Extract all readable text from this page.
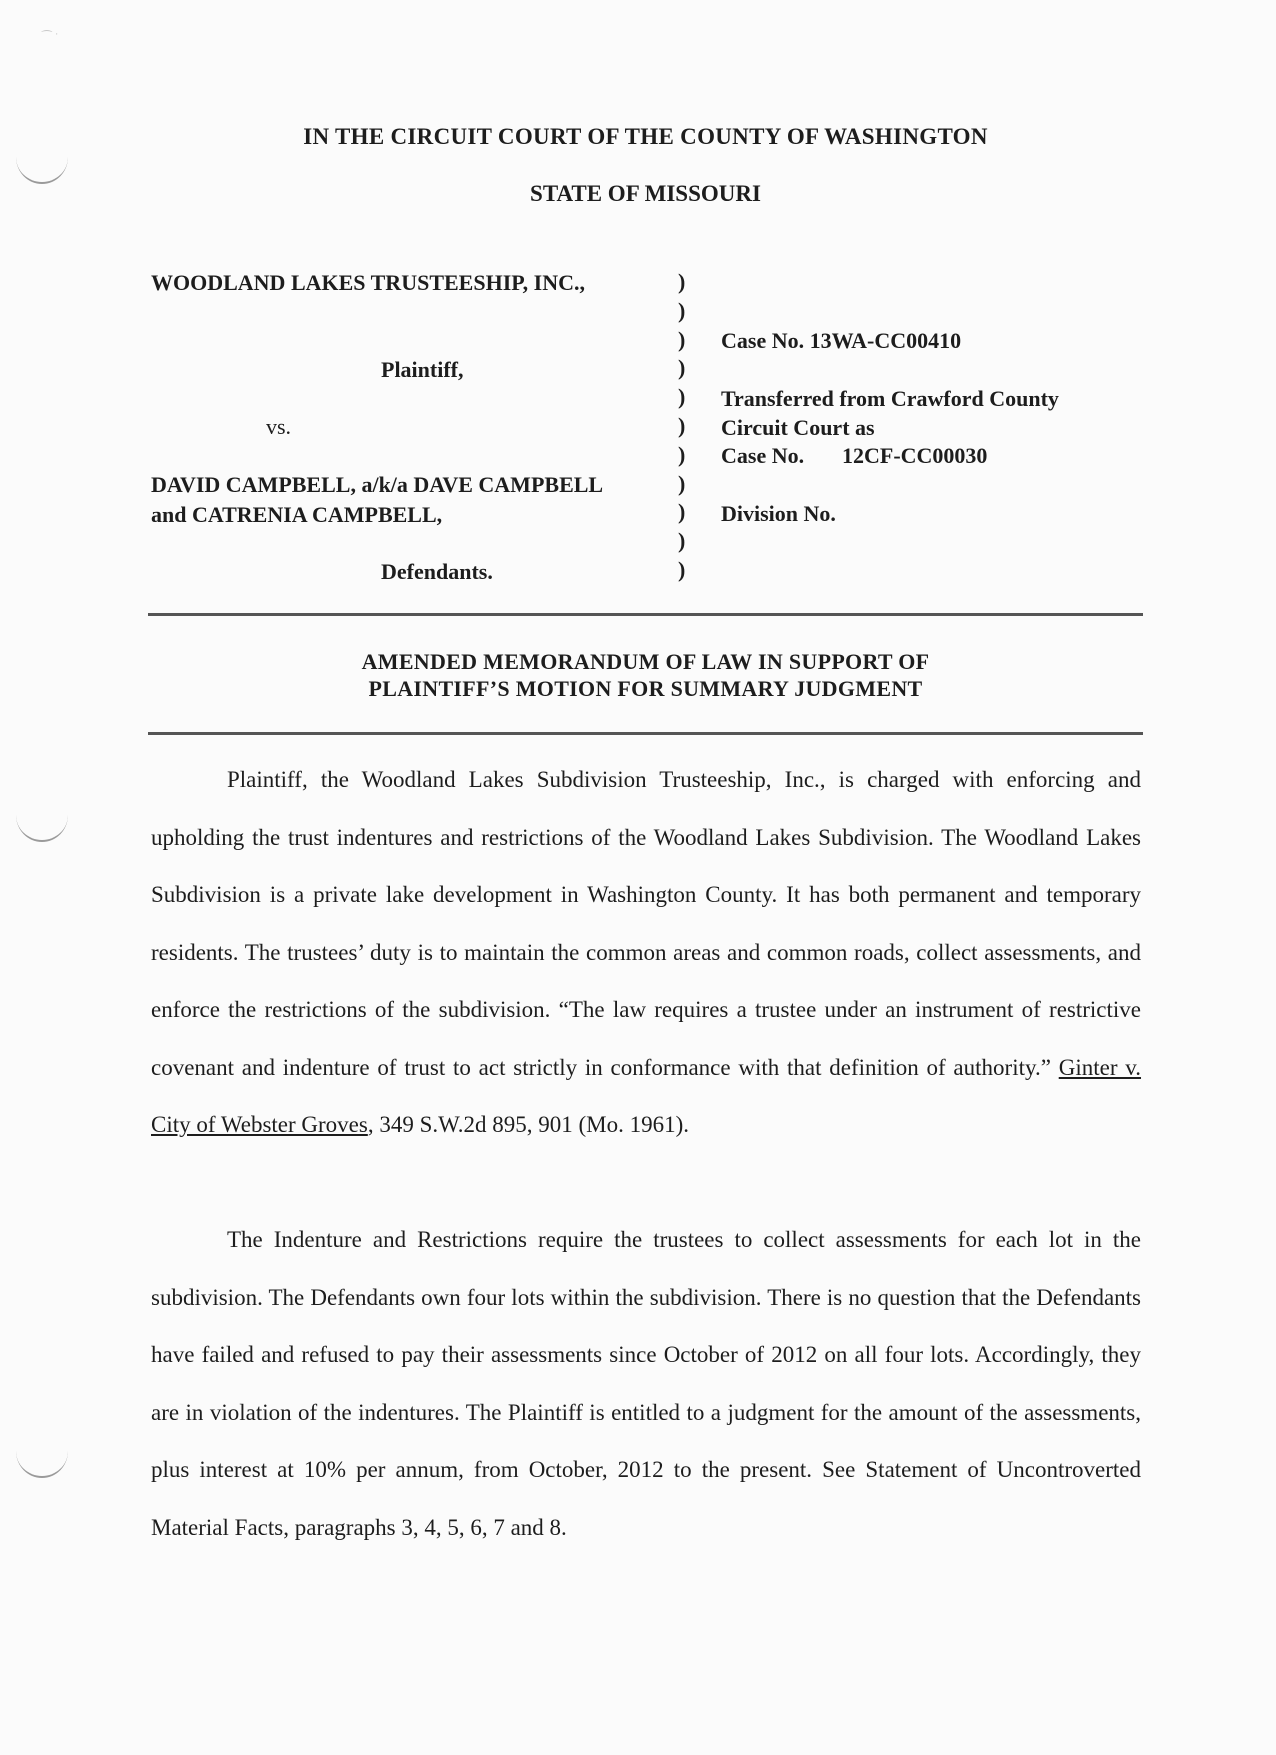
⁀ ˙
IN THE CIRCUIT COURT OF THE COUNTY OF WASHINGTON
STATE OF MISSOURI
WOODLAND LAKES TRUSTEESHIP, INC.,
Plaintiff,
vs.
DAVID CAMPBELL, a/k/a DAVE CAMPBELL
and CATRENIA CAMPBELL,
Defendants.
)
)
)
)
)
)
)
)
)
)
)
Case No. 13WA-CC00410
Transferred from Crawford County
Circuit Court as
Case No. 12CF-CC00030
Division No.
AMENDED MEMORANDUM OF LAW IN SUPPORT OF
PLAINTIFF’S MOTION FOR SUMMARY JUDGMENT
Plaintiff, the Woodland Lakes Subdivision Trusteeship, Inc., is charged with enforcing and upholding the trust indentures and restrictions of the Woodland Lakes Subdivision. The Woodland Lakes Subdivision is a private lake development in Washington County. It has both permanent and temporary residents. The trustees’ duty is to maintain the common areas and common roads, collect assessments, and enforce the restrictions of the subdivision. “The law requires a trustee under an instrument of restrictive covenant and indenture of trust to act strictly in conformance with that definition of authority.” Ginter v. City of Webster Groves, 349 S.W.2d 895, 901 (Mo. 1961).
The Indenture and Restrictions require the trustees to collect assessments for each lot in the subdivision. The Defendants own four lots within the subdivision. There is no question that the Defendants have failed and refused to pay their assessments since October of 2012 on all four lots. Accordingly, they are in violation of the indentures. The Plaintiff is entitled to a judgment for the amount of the assessments, plus interest at 10% per annum, from October, 2012 to the present. See Statement of Uncontroverted Material Facts, paragraphs 3, 4, 5, 6, 7 and 8.
